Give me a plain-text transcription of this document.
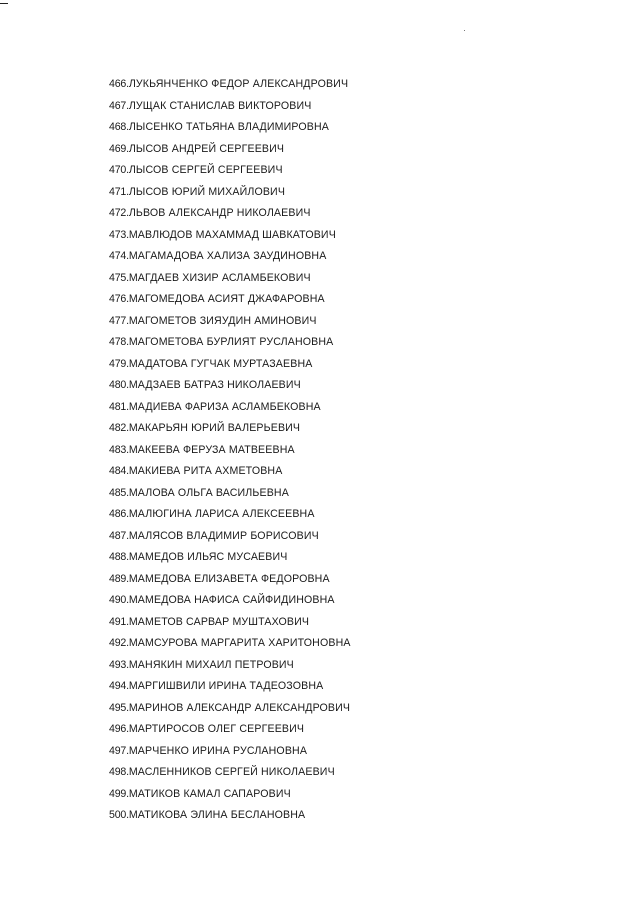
466.ЛУКЬЯНЧЕНКО ФЕДОР АЛЕКСАНДРОВИЧ
467.ЛУЩАК СТАНИСЛАВ ВИКТОРОВИЧ
468.ЛЫСЕНКО ТАТЬЯНА ВЛАДИМИРОВНА
469.ЛЫСОВ АНДРЕЙ СЕРГЕЕВИЧ
470.ЛЫСОВ СЕРГЕЙ СЕРГЕЕВИЧ
471.ЛЫСОВ ЮРИЙ МИХАЙЛОВИЧ
472.ЛЬВОВ АЛЕКСАНДР НИКОЛАЕВИЧ
473.МАВЛЮДОВ МАХАММАД ШАВКАТОВИЧ
474.МАГАМАДОВА ХАЛИЗА ЗАУДИНОВНА
475.МАГДАЕВ ХИЗИР АСЛАМБЕКОВИЧ
476.МАГОМЕДОВА АСИЯТ ДЖАФАРОВНА
477.МАГОМЕТОВ ЗИЯУДИН АМИНОВИЧ
478.МАГОМЕТОВА БУРЛИЯТ РУСЛАНОВНА
479.МАДАТОВА ГУГЧАК МУРТАЗАЕВНА
480.МАДЗАЕВ БАТРАЗ НИКОЛАЕВИЧ
481.МАДИЕВА ФАРИЗА АСЛАМБЕКОВНА
482.МАКАРЬЯН ЮРИЙ ВАЛЕРЬЕВИЧ
483.МАКЕЕВА ФЕРУЗА МАТВЕЕВНА
484.МАКИЕВА РИТА АХМЕТОВНА
485.МАЛОВА ОЛЬГА ВАСИЛЬЕВНА
486.МАЛЮГИНА ЛАРИСА АЛЕКСЕЕВНА
487.МАЛЯСОВ ВЛАДИМИР БОРИСОВИЧ
488.МАМЕДОВ ИЛЬЯС МУСАЕВИЧ
489.МАМЕДОВА ЕЛИЗАВЕТА ФЕДОРОВНА
490.МАМЕДОВА НАФИСА САЙФИДИНОВНА
491.МАМЕТОВ САРВАР МУШТАХОВИЧ
492.МАМСУРОВА МАРГАРИТА ХАРИТОНОВНА
493.МАНЯКИН МИХАИЛ ПЕТРОВИЧ
494.МАРГИШВИЛИ ИРИНА ТАДЕОЗОВНА
495.МАРИНОВ АЛЕКСАНДР АЛЕКСАНДРОВИЧ
496.МАРТИРОСОВ ОЛЕГ СЕРГЕЕВИЧ
497.МАРЧЕНКО ИРИНА РУСЛАНОВНА
498.МАСЛЕННИКОВ СЕРГЕЙ НИКОЛАЕВИЧ
499.МАТИКОВ КАМАЛ САПАРОВИЧ
500.МАТИКОВА ЭЛИНА БЕСЛАНОВНА
